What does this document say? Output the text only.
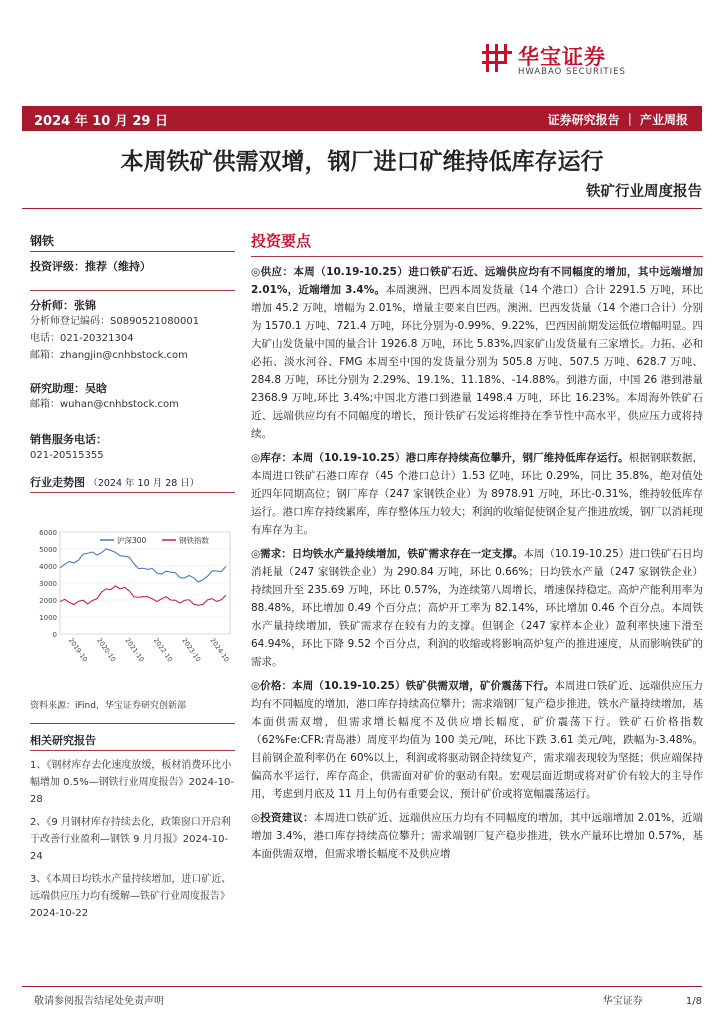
华宝证券
HWABAO SECURITIES
2024 年 10 月 29 日	证券研究报告 ｜ 产业周报
本周铁矿供需双增，钢厂进口矿维持低库存运行
铁矿行业周度报告
钢铁
投资评级：推荐（维持）
分析师：张锦
分析师登记编码：S0890521080001
电话：021-20321304
邮箱：zhangjin@cnhbstock.com
研究助理：吴晗
邮箱：wuhan@cnhbstock.com
销售服务电话：
021-20515355
行业走势图 （2024 年 10 月 28 日）
0
1000
2000
3000
4000
5000
6000
2019-10 2020-10 2021-10 2022-10 2023-10 2024-10
沪深300	钢铁指数
资料来源：iFind，华宝证券研究创新部
相关研究报告
1、《钢材库存去化速度放缓，板材消费环比小幅增加 0.5%—钢铁行业周度报告》2024-10-28
2、《9 月钢材库存持续去化，政策窗口开启利于改善行业盈利—钢铁 9 月月报》2024-10-24
3、《本周日均铁水产量持续增加，进口矿近、远端供应压力均有缓解—铁矿行业周度报告》2024-10-22
投资要点
◎供应：本周（10.19-10.25）进口铁矿石近、远端供应均有不同幅度的增加，其中远端增加 2.01%，近端增加 3.4%。本周澳洲、巴西本周发货量（14 个港口）合计 2291.5 万吨，环比增加 45.2 万吨，增幅为 2.01%，增量主要来自巴西。澳洲、巴西发货量（14 个港口合计）分别为 1570.1 万吨、721.4 万吨，环比分别为-0.99%、9.22%，巴西因前期发运低位增幅明显。四大矿山发货量中国的量合计 1926.8 万吨，环比 5.83%,四家矿山发货量有三家增长。力拓、必和必拓、淡水河谷、FMG 本周至中国的发货量分别为 505.8 万吨、507.5 万吨、628.7 万吨、284.8 万吨，环比分别为 2.29%、19.1%、11.18%、-14.88%。到港方面，中国 26 港到港量 2368.9 万吨,环比 3.4%;中国北方港口到港量 1498.4 万吨，环比 16.23%。本周海外铁矿石近、远端供应均有不同幅度的增长，预计铁矿石发运将维持在季节性中高水平，供应压力或将持续。
◎库存：本周（10.19-10.25）港口库存持续高位攀升，钢厂维持低库存运行。根据钢联数据，本周进口铁矿石港口库存（45 个港口总计）1.53 亿吨，环比 0.29%，同比 35.8%，绝对值处近四年同期高位；钢厂库存（247 家钢铁企业）为 8978.91 万吨，环比-0.31%，维持较低库存运行。港口库存持续累库，库存整体压力较大；利润的收缩促使钢企复产推进放缓，钢厂以消耗现有库存为主。
◎需求：日均铁水产量持续增加，铁矿需求存在一定支撑。本周（10.19-10.25）进口铁矿石日均消耗量（247 家钢铁企业）为 290.84 万吨，环比 0.66%；日均铁水产量（247 家钢铁企业）持续回升至 235.69 万吨，环比 0.57%，为连续第八周增长，增速保持稳定。高炉产能利用率为 88.48%，环比增加 0.49 个百分点；高炉开工率为 82.14%，环比增加 0.46 个百分点。本周铁水产量持续增加，铁矿需求存在较有力的支撑。但钢企（247 家样本企业）盈利率快速下滑至 64.94%，环比下降 9.52 个百分点，利润的收缩或将影响高炉复产的推进速度，从而影响铁矿的需求。
◎价格：本周（10.19-10.25）铁矿供需双增，矿价震荡下行。本周进口铁矿近、远端供应压力均有不同幅度的增加，港口库存持续高位攀升；需求端钢厂复产稳步推进，铁水产量持续增加，基本面供需双增，但需求增长幅度不及供应增长幅度，矿价震荡下行。铁矿石价格指数（62%Fe:CFR:青岛港）周度平均值为 100 美元/吨，环比下跌 3.61 美元/吨，跌幅为-3.48%。目前钢企盈利率仍在 60%以上，利润或将驱动钢企持续复产，需求端表现较为坚挺；供应端保持偏高水平运行，库存高企，供需面对矿价的驱动有限。宏观层面近期或将对矿价有较大的主导作用，考虑到月底及 11 月上旬仍有重要会议，预计矿价或将宽幅震荡运行。
◎投资建议：本周进口铁矿近、远端供应压力均有不同幅度的增加，其中远端增加 2.01%，近端增加 3.4%，港口库存持续高位攀升；需求端钢厂复产稳步推进，铁水产量环比增加 0.57%，基本面供需双增，但需求增长幅度不及供应增
敬请参阅报告结尾处免责声明	华宝证券	1/8
